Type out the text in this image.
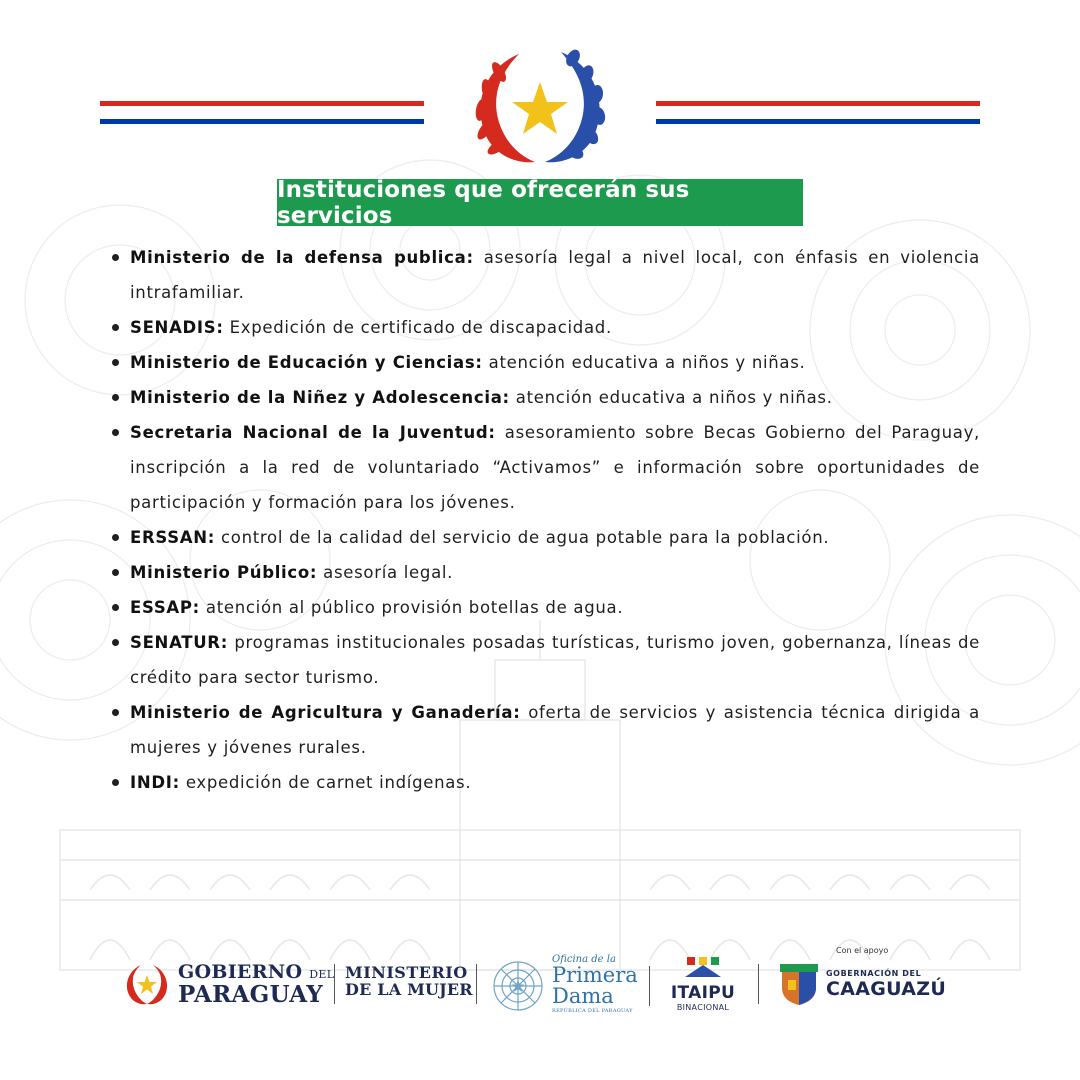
Instituciones que ofrecerán sus servicios
Ministerio de la defensa publica: asesoría legal a nivel local, con énfasis en violencia intrafamiliar.
SENADIS: Expedición de certificado de discapacidad.
Ministerio de Educación y Ciencias: atención educativa a niños y niñas.
Ministerio de la Niñez y Adolescencia: atención educativa a niños y niñas.
Secretaria Nacional de la Juventud: asesoramiento sobre Becas Gobierno del Paraguay, inscripción a la red de voluntariado “Activamos” e información sobre oportunidades de participación y formación para los jóvenes.
ERSSAN: control de la calidad del servicio de agua potable para la población.
Ministerio Público: asesoría legal.
ESSAP: atención al público provisión botellas de agua.
SENATUR: programas institucionales posadas turísticas, turismo joven, gobernanza, líneas de crédito para sector turismo.
Ministerio de Agricultura y Ganadería: oferta de servicios y asistencia técnica dirigida a mujeres y jóvenes rurales.
INDI: expedición de carnet indígenas.
GOBIERNO DEL
PARAGUAY
MINISTERIO
DE LA MUJER
Oficina de la
Primera
Dama
REPÚBLICA DEL PARAGUAY
ITAIPU
BINACIONAL
Con el apoyo
GOBERNACIÓN DEL
CAAGUAZÚ
